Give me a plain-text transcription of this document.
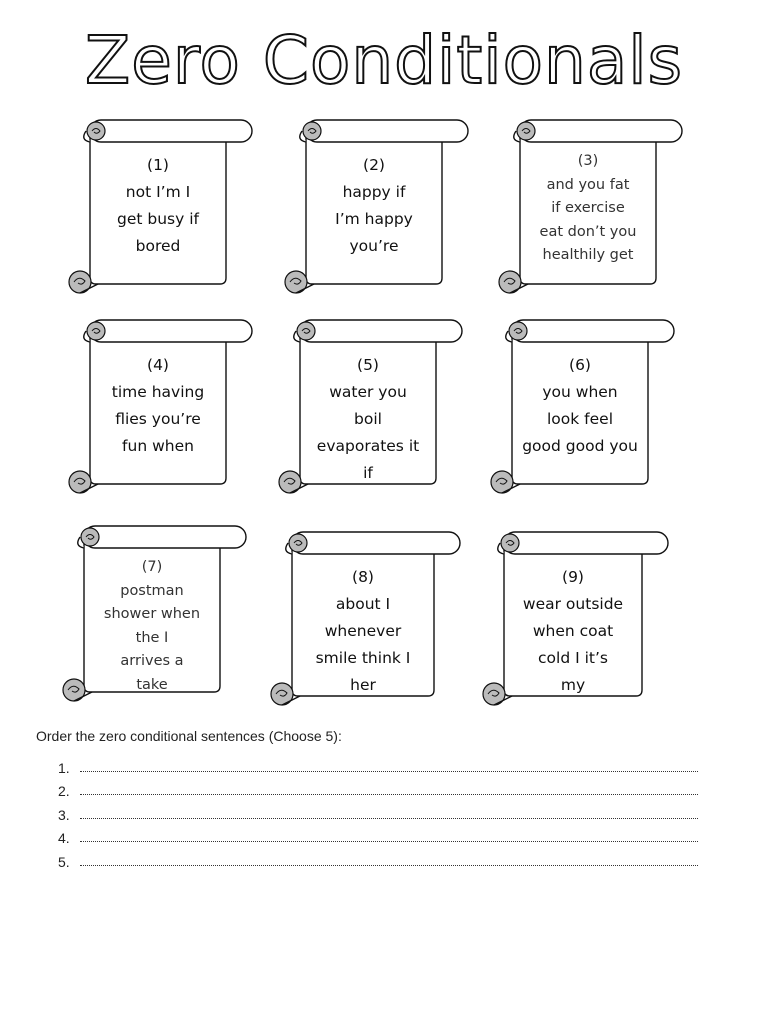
Zero Conditionals
(1)
not I’m I
get busy if
bored
(2)
happy if
I’m happy
you’re
(3)
and you fat
if exercise
eat don’t you
healthily get
(4)
time having
flies you’re
fun when
(5)
water you
boil
evaporates it
if
(6)
you when
look feel
good good you
(7)
postman
shower when
the I
arrives a
take
(8)
about I
whenever
smile think I
her
(9)
wear outside
when coat
cold I it’s
my
Order the zero conditional sentences (Choose 5):
1.
2.
3.
4.
5.
